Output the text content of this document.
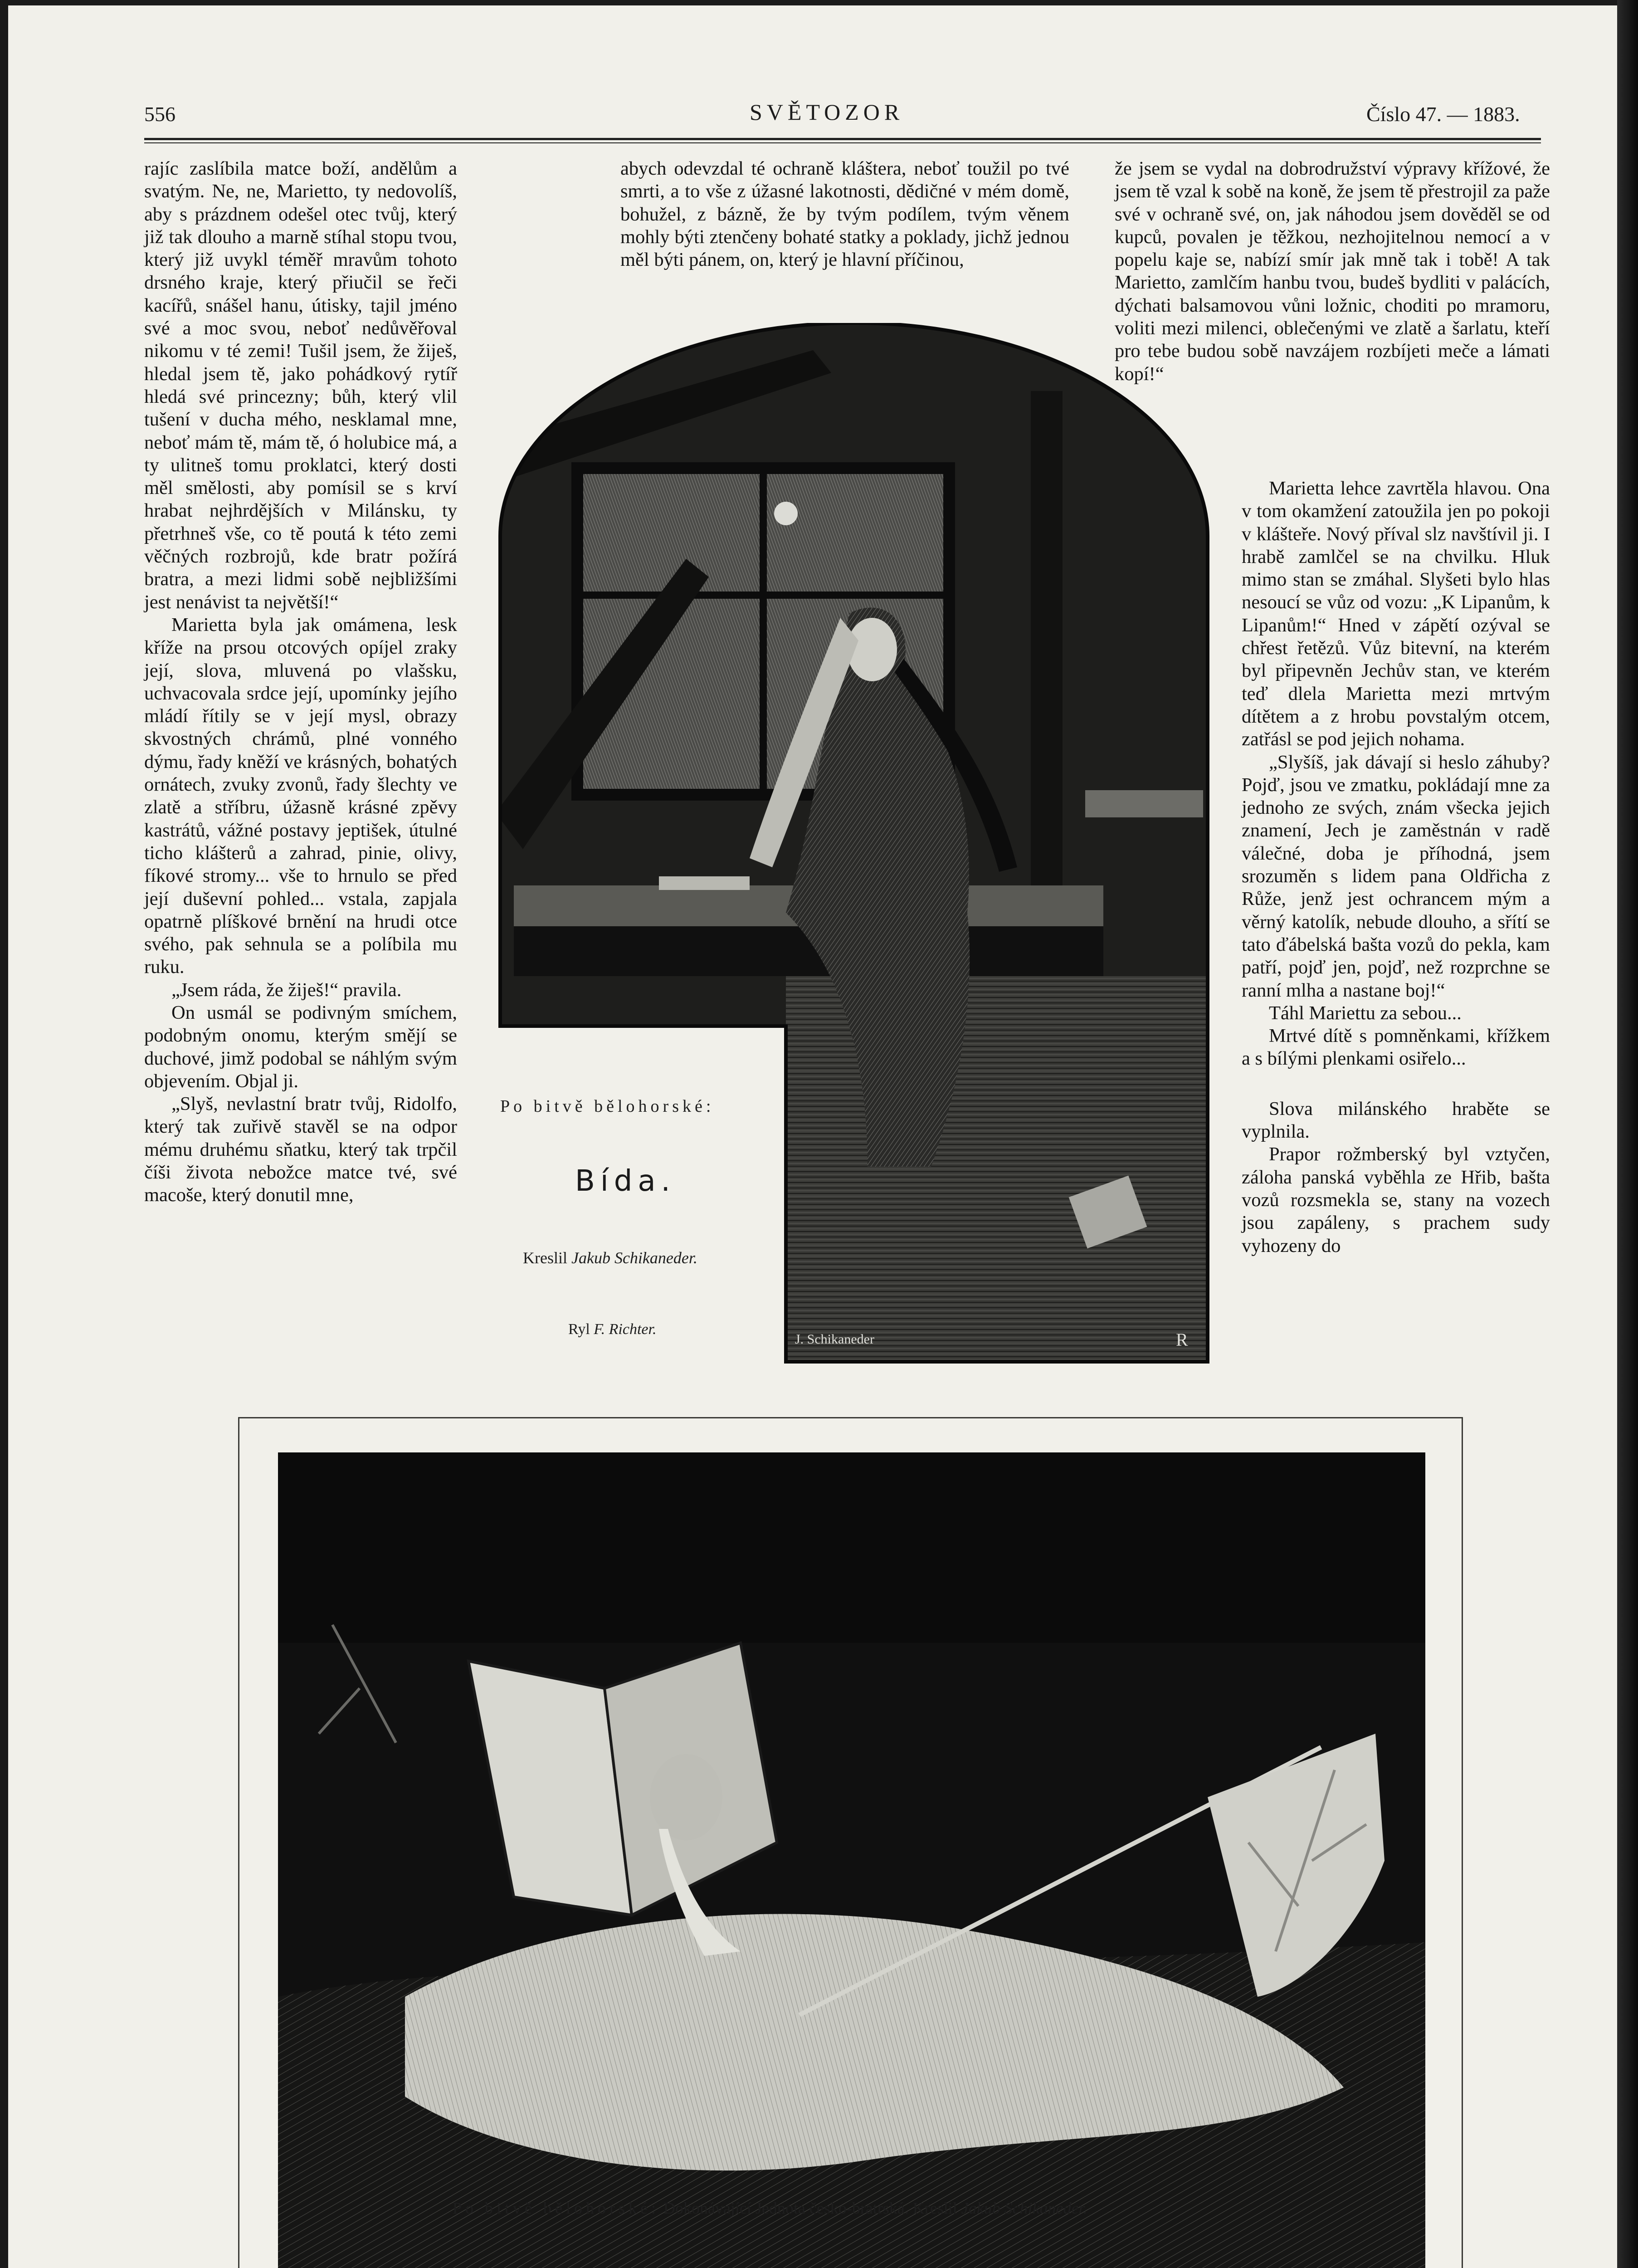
556	SVĚTOZOR	Číslo 47. — 1883.

rajíc zaslíbila matce boží, andělům a svatým. Ne, ne, Marietto, ty nedovolíš, aby s prázdnem odešel otec tvůj, který již tak dlouho a marně stíhal stopu tvou, který již uvykl téměř mravům tohoto drsného kraje, který přiučil se řeči kacířů, snášel hanu, útisky, tajil jméno své a moc svou, neboť nedůvěřoval nikomu v té zemi! Tušil jsem, že žiješ, hledal jsem tě, jako pohádkový rytíř hledá své princezny; bůh, který vlil tušení v ducha mého, nesklamal mne, neboť mám tě, mám tě, ó holubice má, a ty ulitneš tomu proklatci, který dosti měl smělosti, aby pomísil se s krví hrabat nejhrdějších v Milánsku, ty přetrhneš vše, co tě poutá k této zemi věčných rozbrojů, kde bratr požírá bratra, a mezi lidmi sobě nejbližšími jest nenávist ta největší!“

Marietta byla jak omámena, lesk kříže na prsou otcových opíjel zraky její, slova, mluvená po vlašsku, uchvacovala srdce její, upomínky jejího mládí řítily se v její mysl, obrazy skvostných chrámů, plné vonného dýmu, řady kněží ve krásných, bohatých ornátech, zvuky zvonů, řady šlechty ve zlatě a stříbru, úžasně krásné zpěvy kastrátů, vážné postavy jeptišek, útulné ticho klášterů a zahrad, pinie, olivy, fíkové stromy... vše to hrnulo se před její duševní pohled... vstala, zapjala opatrně plíškové brnění na hrudi otce svého, pak sehnula se a políbila mu ruku.

„Jsem ráda, že žiješ!“ pravila.

On usmál se podivným smíchem, podobným onomu, kterým smějí se duchové, jimž podobal se náhlým svým objevením. Objal ji.

„Slyš, nevlastní bratr tvůj, Ridolfo, který tak zuřivě stavěl se na odpor mému druhému sňatku, který tak trpčil číši života nebožce matce tvé, své macoše, který donutil mne,

abych odevzdal té ochraně kláštera, neboť toužil po tvé smrti, a to vše z úžasné lakotnosti, dědičné v mém domě, bohužel, z bázně, že by tvým podílem, tvým věnem mohly býti ztenčeny bohaté statky a poklady, jichž jednou měl býti pánem, on, který je hlavní příčinou,

že jsem se vydal na dobrodružství výpravy křížové, že jsem tě vzal k sobě na koně, že jsem tě přestrojil za paže své v ochraně své, on, jak náhodou jsem dověděl se od kupců, povalen je těžkou, nezhojitelnou nemocí a v popelu kaje se, nabízí smír jak mně tak i tobě! A tak Marietto, zamlčím hanbu tvou, budeš bydliti v palácích, dýchati balsamovou vůni ložnic, choditi po mramoru, voliti mezi milenci, oblečenými ve zlatě a šarlatu, kteří pro tebe budou sobě navzájem rozbíjeti meče a lámati kopí!“

Marietta lehce zavrtěla hlavou. Ona v tom okamžení zatoužila jen po pokoji v klášteře. Nový příval slz navštívil ji. I hrabě zamlčel se na chvilku. Hluk mimo stan se zmáhal. Slyšeti bylo hlas nesoucí se vůz od vozu: „K Lipanům, k Lipanům!“ Hned v zápětí ozýval se chřest řetězů. Vůz bitevní, na kterém byl připevněn Jechův stan, ve kterém teď dlela Marietta mezi mrtvým dítětem a z hrobu povstalým otcem, zatřásl se pod jejich nohama.

„Slyšíš, jak dávají si heslo záhuby? Pojď, jsou ve zmatku, pokládají mne za jednoho ze svých, znám všecka jejich znamení, Jech je zaměstnán v radě válečné, doba je příhodná, jsem srozuměn s lidem pana Oldřicha z Růže, jenž jest ochrancem mým a věrný katolík, nebude dlouho, a sřítí se tato ďábelská bašta vozů do pekla, kam patří, pojď jen, pojď, než rozprchne se ranní mlha a nastane boj!“

Táhl Mariettu za sebou...

Mrtvé dítě s pomněnkami, křížkem a s bílými plenkami osiřelo...

Slova milánského hraběte se vyplnila.

Prapor rožmberský byl vztyčen, záloha panská vyběhla ze Hřib, bašta vozů rozsmekla se, stany na vozech jsou zapáleny, s prachem sudy vyhozeny do

J. Schikaneder	R
Po bitvě bělohorské:
Bída.
Kreslil Jakub Schikaneder.
Ryl F. Richter.
Po bitvě bělohorské: Dokonávající Jednota česko-bratrská. Kreslil Jakub Schikaneder.
